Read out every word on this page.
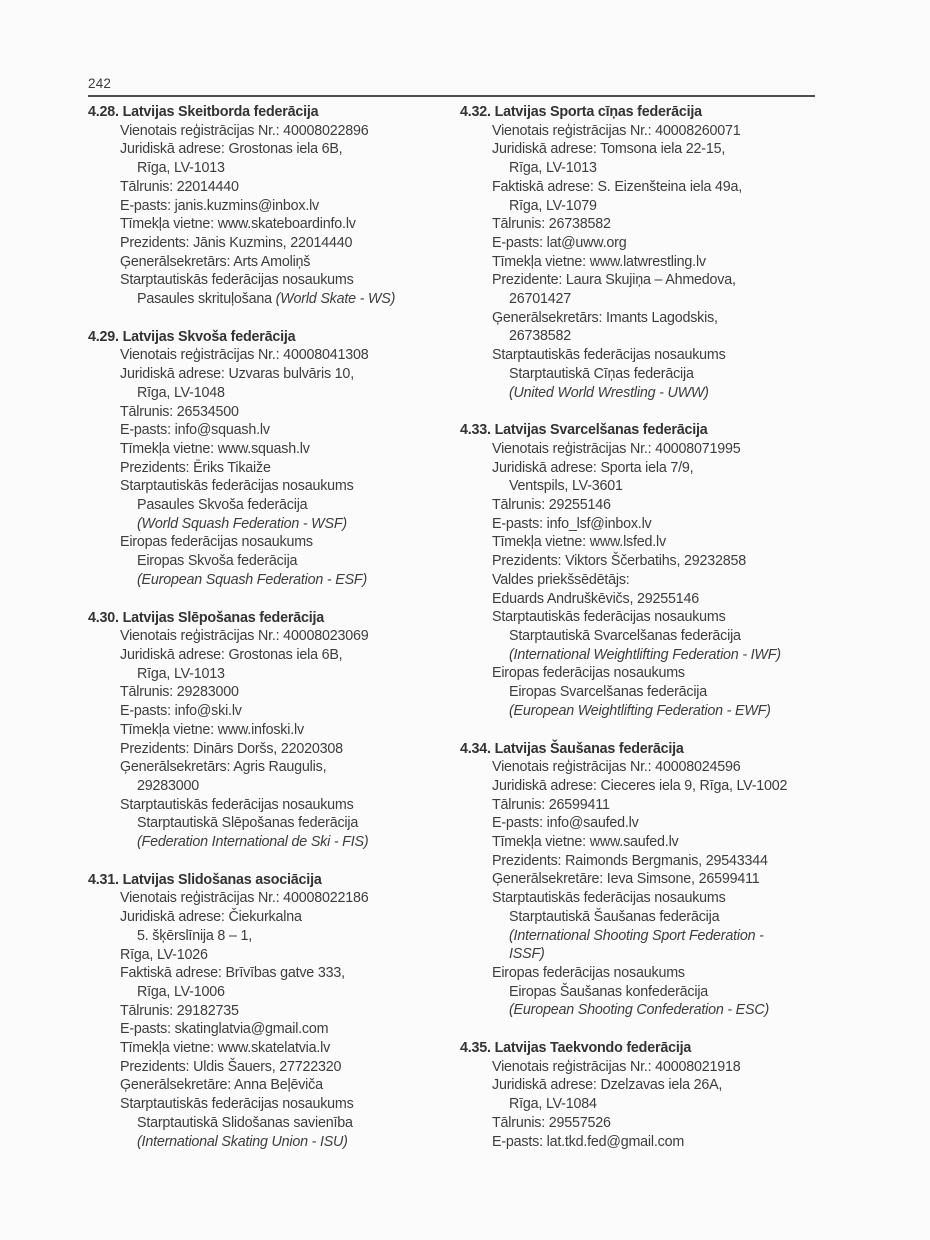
242
4.28. Latvijas Skeitborda federācija
Vienotais reģistrācijas Nr.: 40008022896
Juridiskā adrese: Grostonas iela 6B,
Rīga, LV-1013
Tālrunis: 22014440
E-pasts: janis.kuzmins@inbox.lv
Tīmekļa vietne: www.skateboardinfo.lv
Prezidents: Jānis Kuzmins, 22014440
Ģenerālsekretārs: Arts Amoliņš
Starptautiskās federācijas nosaukums
Pasaules skrituļošana (World Skate - WS)
4.29. Latvijas Skvoša federācija
Vienotais reģistrācijas Nr.: 40008041308
Juridiskā adrese: Uzvaras bulvāris 10,
Rīga, LV-1048
Tālrunis: 26534500
E-pasts: info@squash.lv
Tīmekļa vietne: www.squash.lv
Prezidents: Ēriks Tikaiže
Starptautiskās federācijas nosaukums
Pasaules Skvoša federācija
(World Squash Federation - WSF)
Eiropas federācijas nosaukums
Eiropas Skvoša federācija
(European Squash Federation - ESF)
4.30. Latvijas Slēpošanas federācija
Vienotais reģistrācijas Nr.: 40008023069
Juridiskā adrese: Grostonas iela 6B,
Rīga, LV-1013
Tālrunis: 29283000
E-pasts: info@ski.lv
Tīmekļa vietne: www.infoski.lv
Prezidents: Dinārs Doršs, 22020308
Ģenerālsekretārs: Agris Raugulis,
29283000
Starptautiskās federācijas nosaukums
Starptautiskā Slēpošanas federācija
(Federation International de Ski - FIS)
4.31. Latvijas Slidošanas asociācija
Vienotais reģistrācijas Nr.: 40008022186
Juridiskā adrese: Čiekurkalna
5. šķērslīnija 8 – 1,
Rīga, LV-1026
Faktiskā adrese: Brīvības gatve 333,
Rīga, LV-1006
Tālrunis: 29182735
E-pasts: skatinglatvia@gmail.com
Tīmekļa vietne: www.skatelatvia.lv
Prezidents: Uldis Šauers, 27722320
Ģenerālsekretāre: Anna Beļēviča
Starptautiskās federācijas nosaukums
Starptautiskā Slidošanas savienība
(International Skating Union - ISU)
4.32. Latvijas Sporta cīņas federācija
Vienotais reģistrācijas Nr.: 40008260071
Juridiskā adrese: Tomsona iela 22-15,
Rīga, LV-1013
Faktiskā adrese: S. Eizenšteina iela 49a,
Rīga, LV-1079
Tālrunis: 26738582
E-pasts: lat@uww.org
Tīmekļa vietne: www.latwrestling.lv
Prezidente: Laura Skujiņa – Ahmedova,
26701427
Ģenerālsekretārs: Imants Lagodskis,
26738582
Starptautiskās federācijas nosaukums
Starptautiskā Cīņas federācija
(United World Wrestling - UWW)
4.33. Latvijas Svarcelšanas federācija
Vienotais reģistrācijas Nr.: 40008071995
Juridiskā adrese: Sporta iela 7/9,
Ventspils, LV-3601
Tālrunis: 29255146
E-pasts: info_lsf@inbox.lv
Tīmekļa vietne: www.lsfed.lv
Prezidents: Viktors Ščerbatihs, 29232858
Valdes priekšsēdētājs:
Eduards Andruškēvičs, 29255146
Starptautiskās federācijas nosaukums
Starptautiskā Svarcelšanas federācija
(International Weightlifting Federation - IWF)
Eiropas federācijas nosaukums
Eiropas Svarcelšanas federācija
(European Weightlifting Federation - EWF)
4.34. Latvijas Šaušanas federācija
Vienotais reģistrācijas Nr.: 40008024596
Juridiskā adrese: Cieceres iela 9, Rīga, LV-1002
Tālrunis: 26599411
E-pasts: info@saufed.lv
Tīmekļa vietne: www.saufed.lv
Prezidents: Raimonds Bergmanis, 29543344
Ģenerālsekretāre: Ieva Simsone, 26599411
Starptautiskās federācijas nosaukums
Starptautiskā Šaušanas federācija
(International Shooting Sport Federation -
ISSF)
Eiropas federācijas nosaukums
Eiropas Šaušanas konfederācija
(European Shooting Confederation - ESC)
4.35. Latvijas Taekvondo federācija
Vienotais reģistrācijas Nr.: 40008021918
Juridiskā adrese: Dzelzavas iela 26A,
Rīga, LV-1084
Tālrunis: 29557526
E-pasts: lat.tkd.fed@gmail.com
